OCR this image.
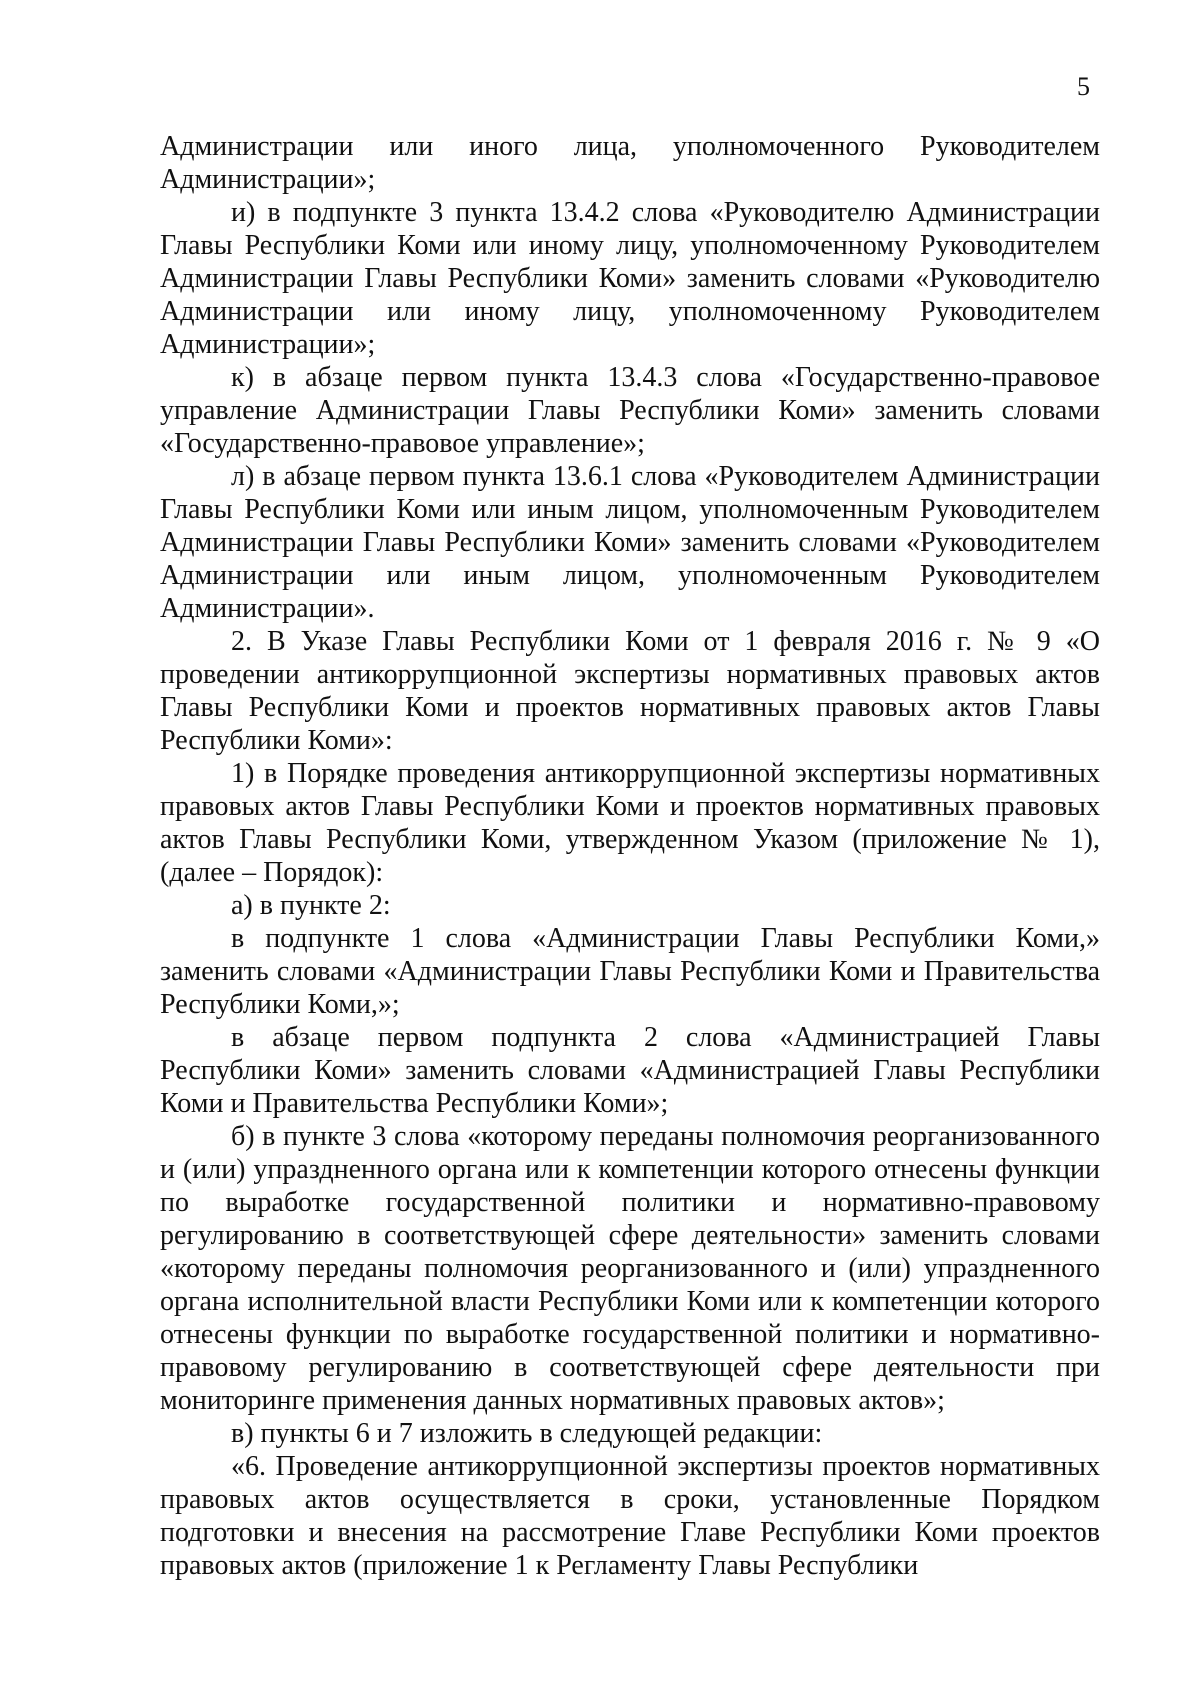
5

Администрации или иного лица, уполномоченного Руководителем Администрации»;

и) в подпункте 3 пункта 13.4.2 слова «Руководителю Администрации Главы Республики Коми или иному лицу, уполномоченному Руководителем Администрации Главы Республики Коми» заменить словами «Руководителю Администрации или иному лицу, уполномоченному Руководителем Администрации»;

к) в абзаце первом пункта 13.4.3 слова «Государственно-правовое управление Администрации Главы Республики Коми» заменить словами «Государственно-правовое управление»;

л) в абзаце первом пункта 13.6.1 слова «Руководителем Администрации Главы Республики Коми или иным лицом, уполномоченным Руководителем Администрации Главы Республики Коми» заменить словами «Руководителем Администрации или иным лицом, уполномоченным Руководителем Администрации».

2. В Указе Главы Республики Коми от 1 февраля 2016 г. № 9 «О проведении антикоррупционной экспертизы нормативных правовых актов Главы Республики Коми и проектов нормативных правовых актов Главы Республики Коми»:

1) в Порядке проведения антикоррупционной экспертизы нормативных правовых актов Главы Республики Коми и проектов нормативных правовых актов Главы Республики Коми, утвержденном Указом (приложение № 1), (далее – Порядок):

а) в пункте 2:

в подпункте 1 слова «Администрации Главы Республики Коми,» заменить словами «Администрации Главы Республики Коми и Правительства Республики Коми,»;

в абзаце первом подпункта 2 слова «Администрацией Главы Республики Коми» заменить словами «Администрацией Главы Республики Коми и Правительства Республики Коми»;

б) в пункте 3 слова «которому переданы полномочия реорганизованного и (или) упраздненного органа или к компетенции которого отнесены функции по выработке государственной политики и нормативно-правовому регулированию в соответствующей сфере деятельности» заменить словами «которому переданы полномочия реорганизованного и (или) упраздненного органа исполнительной власти Республики Коми или к компетенции которого отнесены функции по выработке государственной политики и нормативно-правовому регулированию в соответствующей сфере деятельности при мониторинге применения данных нормативных правовых актов»;

в) пункты 6 и 7 изложить в следующей редакции:

«6. Проведение антикоррупционной экспертизы проектов нормативных правовых актов осуществляется в сроки, установленные Порядком подготовки и внесения на рассмотрение Главе Республики Коми проектов правовых актов (приложение 1 к Регламенту Главы Республики
